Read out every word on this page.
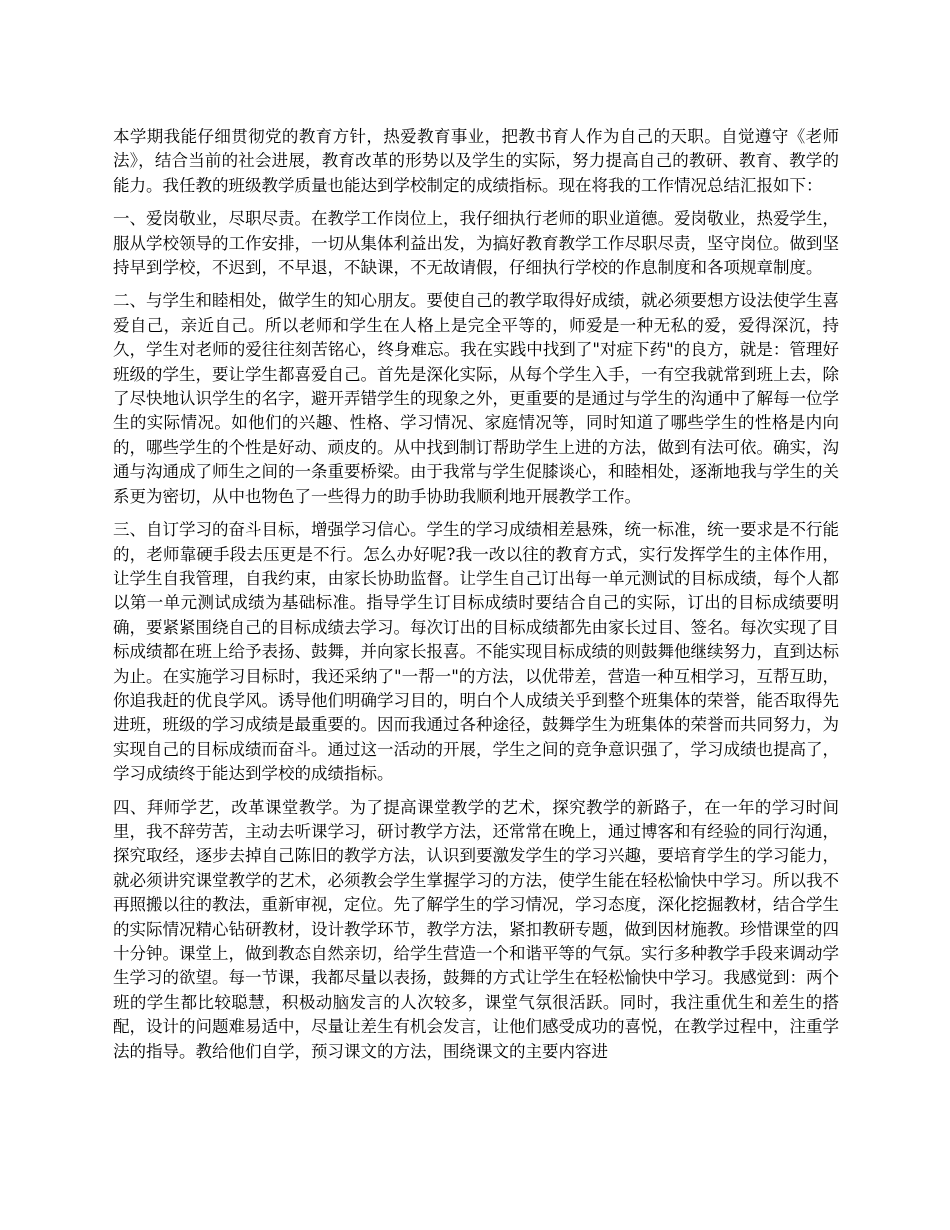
本学期我能仔细贯彻党的教育方针，热爱教育事业，把教书育人作为自己的天职。自觉遵守《老师法》，结合当前的社会进展，教育改革的形势以及学生的实际，努力提高自己的教研、教育、教学的能力。我任教的班级教学质量也能达到学校制定的成绩指标。现在将我的工作情况总结汇报如下：

一、爱岗敬业，尽职尽责。在教学工作岗位上，我仔细执行老师的职业道德。爱岗敬业，热爱学生，服从学校领导的工作安排，一切从集体利益出发，为搞好教育教学工作尽职尽责，坚守岗位。做到坚持早到学校，不迟到，不早退，不缺课，不无故请假，仔细执行学校的作息制度和各项规章制度。

二、与学生和睦相处，做学生的知心朋友。要使自己的教学取得好成绩，就必须要想方设法使学生喜爱自己，亲近自己。所以老师和学生在人格上是完全平等的，师爱是一种无私的爱，爱得深沉，持久，学生对老师的爱往往刻苦铭心，终身难忘。我在实践中找到了"对症下药"的良方，就是：管理好班级的学生，要让学生都喜爱自己。首先是深化实际，从每个学生入手，一有空我就常到班上去，除了尽快地认识学生的名字，避开弄错学生的现象之外，更重要的是通过与学生的沟通中了解每一位学生的实际情况。如他们的兴趣、性格、学习情况、家庭情况等，同时知道了哪些学生的性格是内向的，哪些学生的个性是好动、顽皮的。从中找到制订帮助学生上进的方法，做到有法可依。确实，沟通与沟通成了师生之间的一条重要桥梁。由于我常与学生促膝谈心，和睦相处，逐渐地我与学生的关系更为密切，从中也物色了一些得力的助手协助我顺利地开展教学工作。

三、自订学习的奋斗目标，增强学习信心。学生的学习成绩相差悬殊，统一标准，统一要求是不行能的，老师靠硬手段去压更是不行。怎么办好呢?我一改以往的教育方式，实行发挥学生的主体作用，让学生自我管理，自我约束，由家长协助监督。让学生自己订出每一单元测试的目标成绩，每个人都以第一单元测试成绩为基础标准。指导学生订目标成绩时要结合自己的实际，订出的目标成绩要明确，要紧紧围绕自己的目标成绩去学习。每次订出的目标成绩都先由家长过目、签名。每次实现了目标成绩都在班上给予表扬、鼓舞，并向家长报喜。不能实现目标成绩的则鼓舞他继续努力，直到达标为止。在实施学习目标时，我还采纳了"一帮一"的方法，以优带差，营造一种互相学习，互帮互助，你追我赶的优良学风。诱导他们明确学习目的，明白个人成绩关乎到整个班集体的荣誉，能否取得先进班，班级的学习成绩是最重要的。因而我通过各种途径，鼓舞学生为班集体的荣誉而共同努力，为实现自己的目标成绩而奋斗。通过这一活动的开展，学生之间的竞争意识强了，学习成绩也提高了，学习成绩终于能达到学校的成绩指标。

四、拜师学艺，改革课堂教学。为了提高课堂教学的艺术，探究教学的新路子，在一年的学习时间里，我不辞劳苦，主动去听课学习，研讨教学方法，还常常在晚上，通过博客和有经验的同行沟通，探究取经，逐步去掉自己陈旧的教学方法，认识到要激发学生的学习兴趣，要培育学生的学习能力，就必须讲究课堂教学的艺术，必须教会学生掌握学习的方法，使学生能在轻松愉快中学习。所以我不再照搬以往的教法，重新审视，定位。先了解学生的学习情况，学习态度，深化挖掘教材，结合学生的实际情况精心钻研教材，设计教学环节，教学方法，紧扣教研专题，做到因材施教。珍惜课堂的四十分钟。课堂上，做到教态自然亲切，给学生营造一个和谐平等的气氛。实行多种教学手段来调动学生学习的欲望。每一节课，我都尽量以表扬，鼓舞的方式让学生在轻松愉快中学习。我感觉到：两个班的学生都比较聪慧，积极动脑发言的人次较多，课堂气氛很活跃。同时，我注重优生和差生的搭配，设计的问题难易适中，尽量让差生有机会发言，让他们感受成功的喜悦，在教学过程中，注重学法的指导。教给他们自学，预习课文的方法，围绕课文的主要内容进
